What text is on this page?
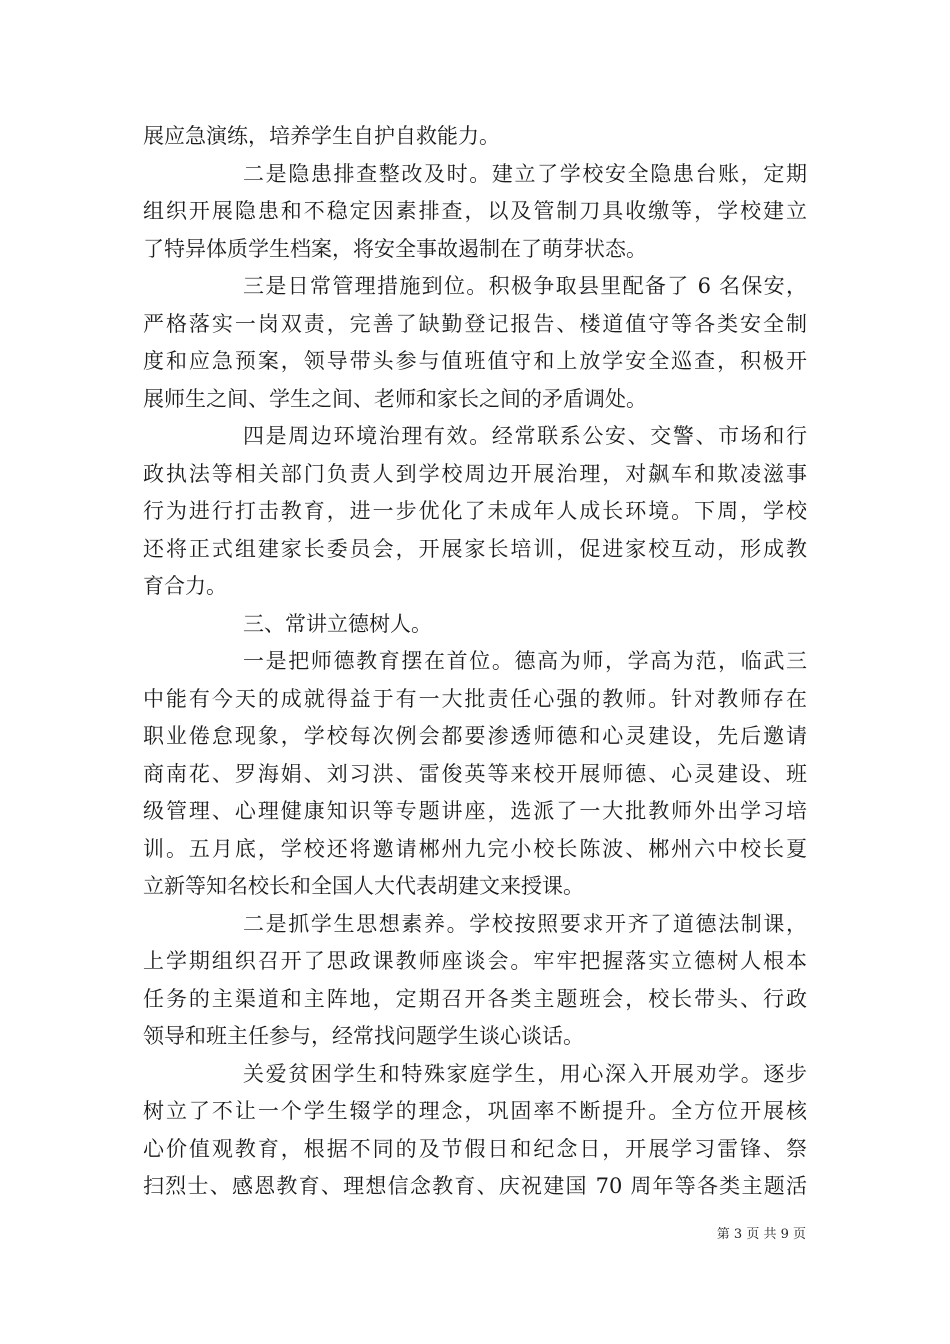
展应急演练，培养学生自护自救能力。
二是隐患排查整改及时。建立了学校安全隐患台账，定期
组织开展隐患和不稳定因素排查，以及管制刀具收缴等，学校建立
了特异体质学生档案，将安全事故遏制在了萌芽状态。
三是日常管理措施到位。积极争取县里配备了 6 名保安，
严格落实一岗双责，完善了缺勤登记报告、楼道值守等各类安全制
度和应急预案，领导带头参与值班值守和上放学安全巡查，积极开
展师生之间、学生之间、老师和家长之间的矛盾调处。
四是周边环境治理有效。经常联系公安、交警、市场和行
政执法等相关部门负责人到学校周边开展治理，对飙车和欺凌滋事
行为进行打击教育，进一步优化了未成年人成长环境。下周，学校
还将正式组建家长委员会，开展家长培训，促进家校互动，形成教
育合力。
三、常讲立德树人。
一是把师德教育摆在首位。德高为师，学高为范，临武三
中能有今天的成就得益于有一大批责任心强的教师。针对教师存在
职业倦怠现象，学校每次例会都要渗透师德和心灵建设，先后邀请
商南花、罗海娟、刘习洪、雷俊英等来校开展师德、心灵建设、班
级管理、心理健康知识等专题讲座，选派了一大批教师外出学习培
训。五月底，学校还将邀请郴州九完小校长陈波、郴州六中校长夏
立新等知名校长和全国人大代表胡建文来授课。
二是抓学生思想素养。学校按照要求开齐了道德法制课，
上学期组织召开了思政课教师座谈会。牢牢把握落实立德树人根本
任务的主渠道和主阵地，定期召开各类主题班会，校长带头、行政
领导和班主任参与，经常找问题学生谈心谈话。
关爱贫困学生和特殊家庭学生，用心深入开展劝学。逐步
树立了不让一个学生辍学的理念，巩固率不断提升。全方位开展核
心价值观教育，根据不同的及节假日和纪念日，开展学习雷锋、祭
扫烈士、感恩教育、理想信念教育、庆祝建国 70 周年等各类主题活
第 3 页 共 9 页
